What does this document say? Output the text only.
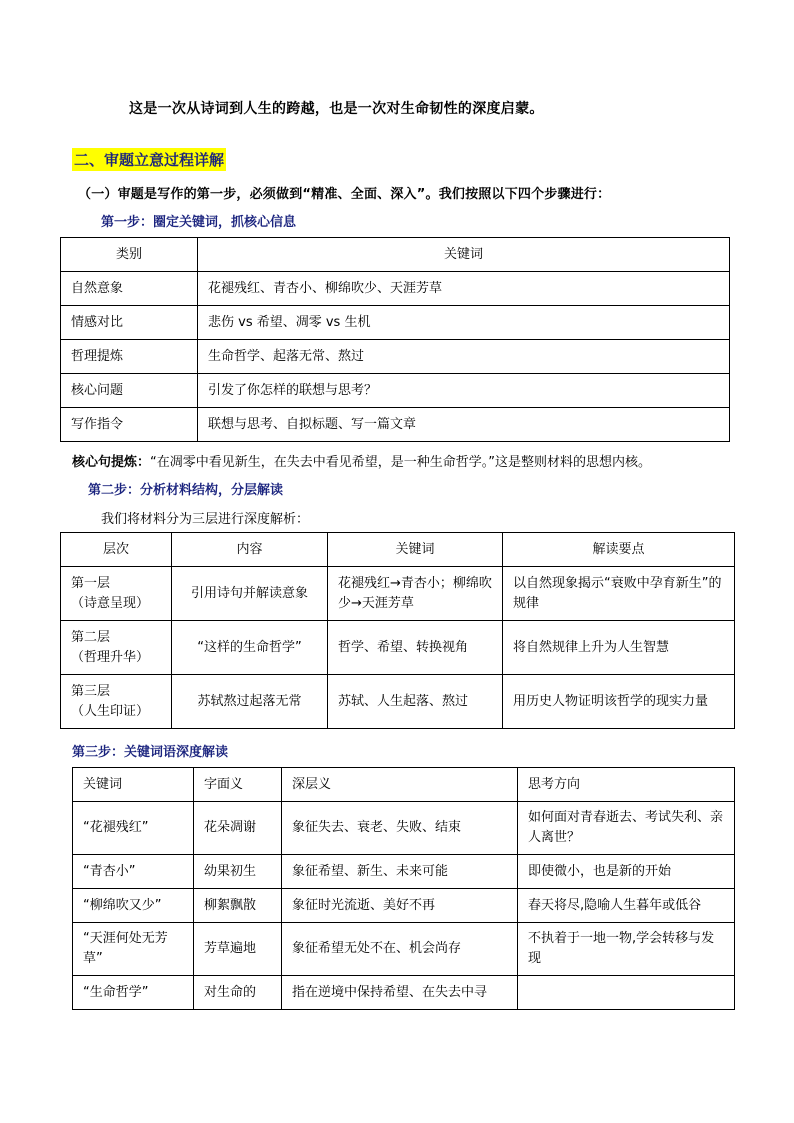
这是一次从诗词到人生的跨越，也是一次对生命韧性的深度启蒙。
二、审题立意过程详解
（一）审题是写作的第一步，必须做到“精准、全面、深入”。我们按照以下四个步骤进行：
第一步：圈定关键词，抓核心信息
类别	关键词
自然意象	花褪残红、青杏小、柳绵吹少、天涯芳草
情感对比	悲伤 vs 希望、凋零 vs 生机
哲理提炼	生命哲学、起落无常、熬过
核心问题	引发了你怎样的联想与思考？
写作指令	联想与思考、自拟标题、写一篇文章
核心句提炼：“在凋零中看见新生，在失去中看见希望，是一种生命哲学。”这是整则材料的思想内核。
第二步：分析材料结构，分层解读
我们将材料分为三层进行深度解析：
层次	内容	关键词	解读要点

第一层
（诗意呈现）	引用诗句并解读意象	花褪残红→青杏小；柳绵吹少→天涯芳草	以自然现象揭示“衰败中孕育新生”的规律

第二层
（哲理升华）	“这样的生命哲学”	哲学、希望、转换视角	将自然规律上升为人生智慧

第三层
（人生印证）	苏轼熬过起落无常	苏轼、人生起落、熬过	用历史人物证明该哲学的现实力量
第三步：关键词语深度解读
关键词	字面义	深层义	思考方向
“花褪残红”	花朵凋谢	象征失去、衰老、失败、结束	如何面对青春逝去、考试失利、亲人离世？
“青杏小”	幼果初生	象征希望、新生、未来可能	即使微小，也是新的开始
“柳绵吹又少”	柳絮飘散	象征时光流逝、美好不再	春天将尽,隐喻人生暮年或低谷
“天涯何处无芳草”	芳草遍地	象征希望无处不在、机会尚存	不执着于一地一物,学会转移与发现
“生命哲学”	对生命的	指在逆境中保持希望、在失去中寻	
